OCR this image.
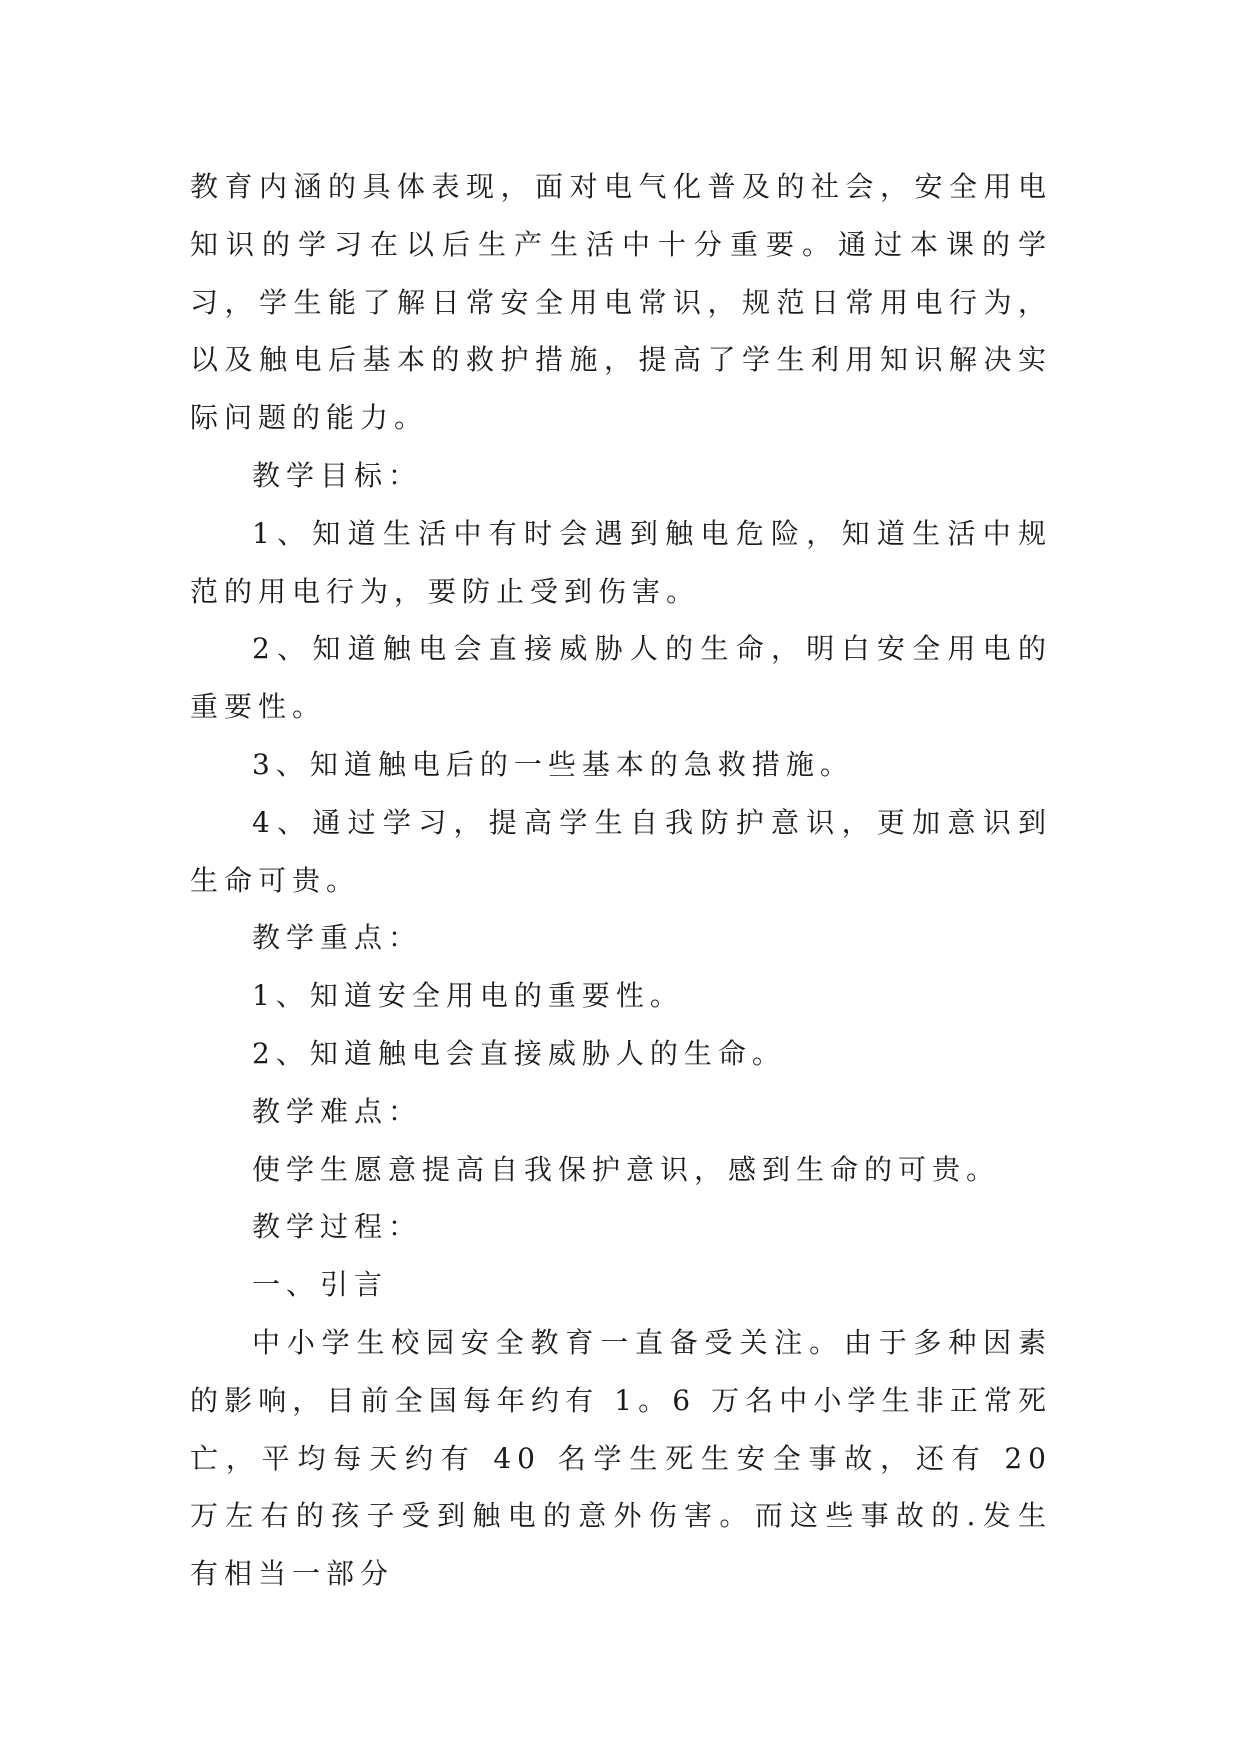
教育内涵的具体表现，面对电气化普及的社会，安全用电知识的学习在以后生产生活中十分重要。通过本课的学习，学生能了解日常安全用电常识，规范日常用电行为，以及触电后基本的救护措施，提高了学生利用知识解决实际问题的能力。

教学目标：

1、知道生活中有时会遇到触电危险，知道生活中规范的用电行为，要防止受到伤害。

2、知道触电会直接威胁人的生命，明白安全用电的重要性。

3、知道触电后的一些基本的急救措施。

4、通过学习，提高学生自我防护意识，更加意识到生命可贵。

教学重点：

1、知道安全用电的重要性。

2、知道触电会直接威胁人的生命。

教学难点：

使学生愿意提高自我保护意识，感到生命的可贵。

教学过程：

一、引言

中小学生校园安全教育一直备受关注。由于多种因素的影响，目前全国每年约有 1。6 万名中小学生非正常死亡，平均每天约有 40 名学生死生安全事故，还有 20 万左右的孩子受到触电的意外伤害。而这些事故的.发生有相当一部分
